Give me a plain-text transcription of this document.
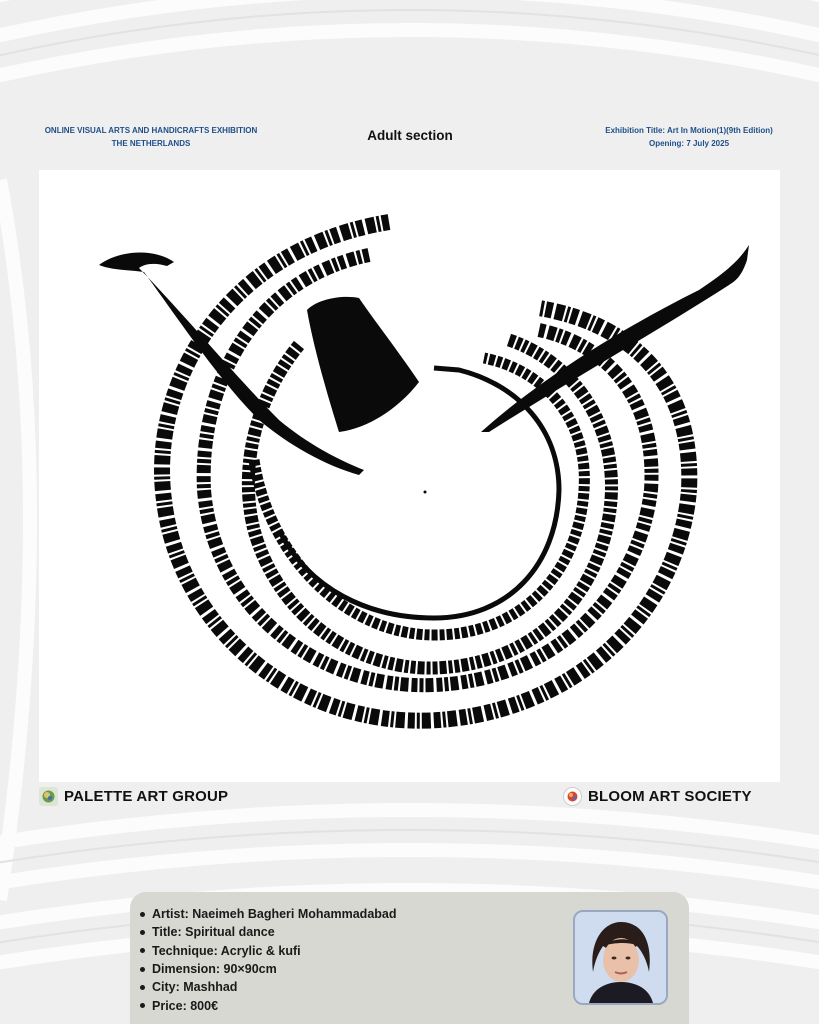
ONLINE VISUAL ARTS AND HANDICRAFTS EXHIBITION
THE NETHERLANDS
Adult section	Exhibition Title: Art In Motion(1)(9th Edition)
Opening: 7 July 2025
PALETTE ART GROUP	BLOOM ART SOCIETY
Artist: Naeimeh Bagheri Mohammadabad
Title: Spiritual dance
Technique: Acrylic & kufi
Dimension: 90×90cm
City: Mashhad
Price: 800€
